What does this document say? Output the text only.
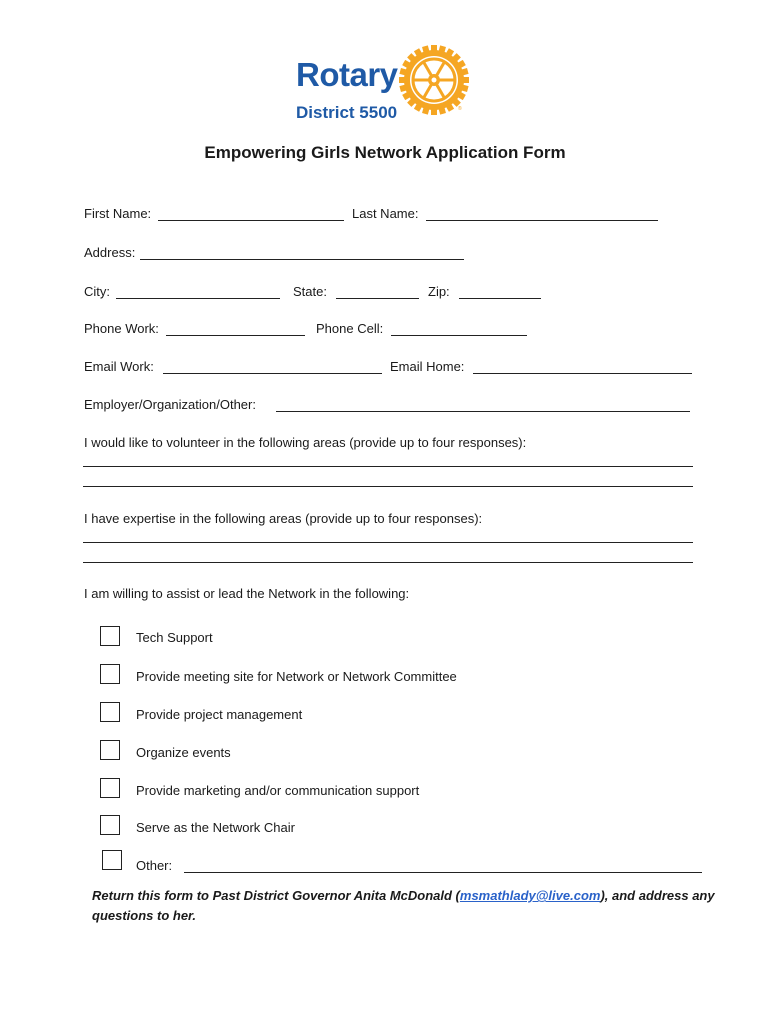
Rotary
District 5500	®
Empowering Girls Network Application Form
First Name:	Last Name:
Address:
City:	State:	Zip:
Phone Work:	Phone Cell:
Email Work:	Email Home:
Employer/Organization/Other:
I would like to volunteer in the following areas (provide up to four responses):
I have expertise in the following areas (provide up to four responses):
I am willing to assist or lead the Network in the following:
Tech Support
Provide meeting site for Network or Network Committee
Provide project management
Organize events
Provide marketing and/or communication support
Serve as the Network Chair
Other:
Return this form to Past District Governor Anita McDonald (msmathlady@live.com), and address any questions to her.
